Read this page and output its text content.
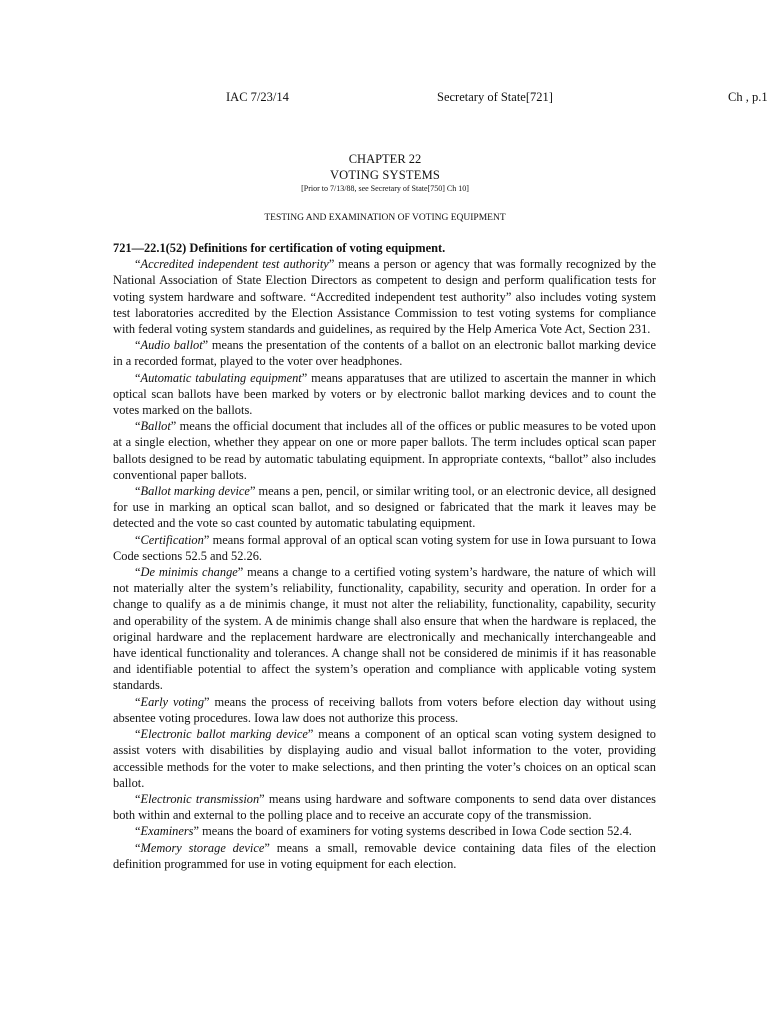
IAC 7/23/14	Secretary of State[721]	Ch , p.1
CHAPTER 22
VOTING SYSTEMS
[Prior to 7/13/88, see Secretary of State[750] Ch 10]
TESTING AND EXAMINATION OF VOTING EQUIPMENT

721—22.1(52) Definitions for certification of voting equipment.

“Accredited independent test authority” means a person or agency that was formally recognized by the National Association of State Election Directors as competent to design and perform qualification tests for voting system hardware and software. “Accredited independent test authority” also includes voting system test laboratories accredited by the Election Assistance Commission to test voting systems for compliance with federal voting system standards and guidelines, as required by the Help America Vote Act, Section 231.

“Audio ballot” means the presentation of the contents of a ballot on an electronic ballot marking device in a recorded format, played to the voter over headphones.

“Automatic tabulating equipment” means apparatuses that are utilized to ascertain the manner in which optical scan ballots have been marked by voters or by electronic ballot marking devices and to count the votes marked on the ballots.

“Ballot” means the official document that includes all of the offices or public measures to be voted upon at a single election, whether they appear on one or more paper ballots. The term includes optical scan paper ballots designed to be read by automatic tabulating equipment. In appropriate contexts, “ballot” also includes conventional paper ballots.

“Ballot marking device” means a pen, pencil, or similar writing tool, or an electronic device, all designed for use in marking an optical scan ballot, and so designed or fabricated that the mark it leaves may be detected and the vote so cast counted by automatic tabulating equipment.

“Certification” means formal approval of an optical scan voting system for use in Iowa pursuant to Iowa Code sections 52.5 and 52.26.

“De minimis change” means a change to a certified voting system’s hardware, the nature of which will not materially alter the system’s reliability, functionality, capability, security and operation. In order for a change to qualify as a de minimis change, it must not alter the reliability, functionality, capability, security and operability of the system. A de minimis change shall also ensure that when the hardware is replaced, the original hardware and the replacement hardware are electronically and mechanically interchangeable and have identical functionality and tolerances. A change shall not be considered de minimis if it has reasonable and identifiable potential to affect the system’s operation and compliance with applicable voting system standards.

“Early voting” means the process of receiving ballots from voters before election day without using absentee voting procedures. Iowa law does not authorize this process.

“Electronic ballot marking device” means a component of an optical scan voting system designed to assist voters with disabilities by displaying audio and visual ballot information to the voter, providing accessible methods for the voter to make selections, and then printing the voter’s choices on an optical scan ballot.

“Electronic transmission” means using hardware and software components to send data over distances both within and external to the polling place and to receive an accurate copy of the transmission.

“Examiners” means the board of examiners for voting systems described in Iowa Code section 52.4.

“Memory storage device” means a small, removable device containing data files of the election definition programmed for use in voting equipment for each election.
